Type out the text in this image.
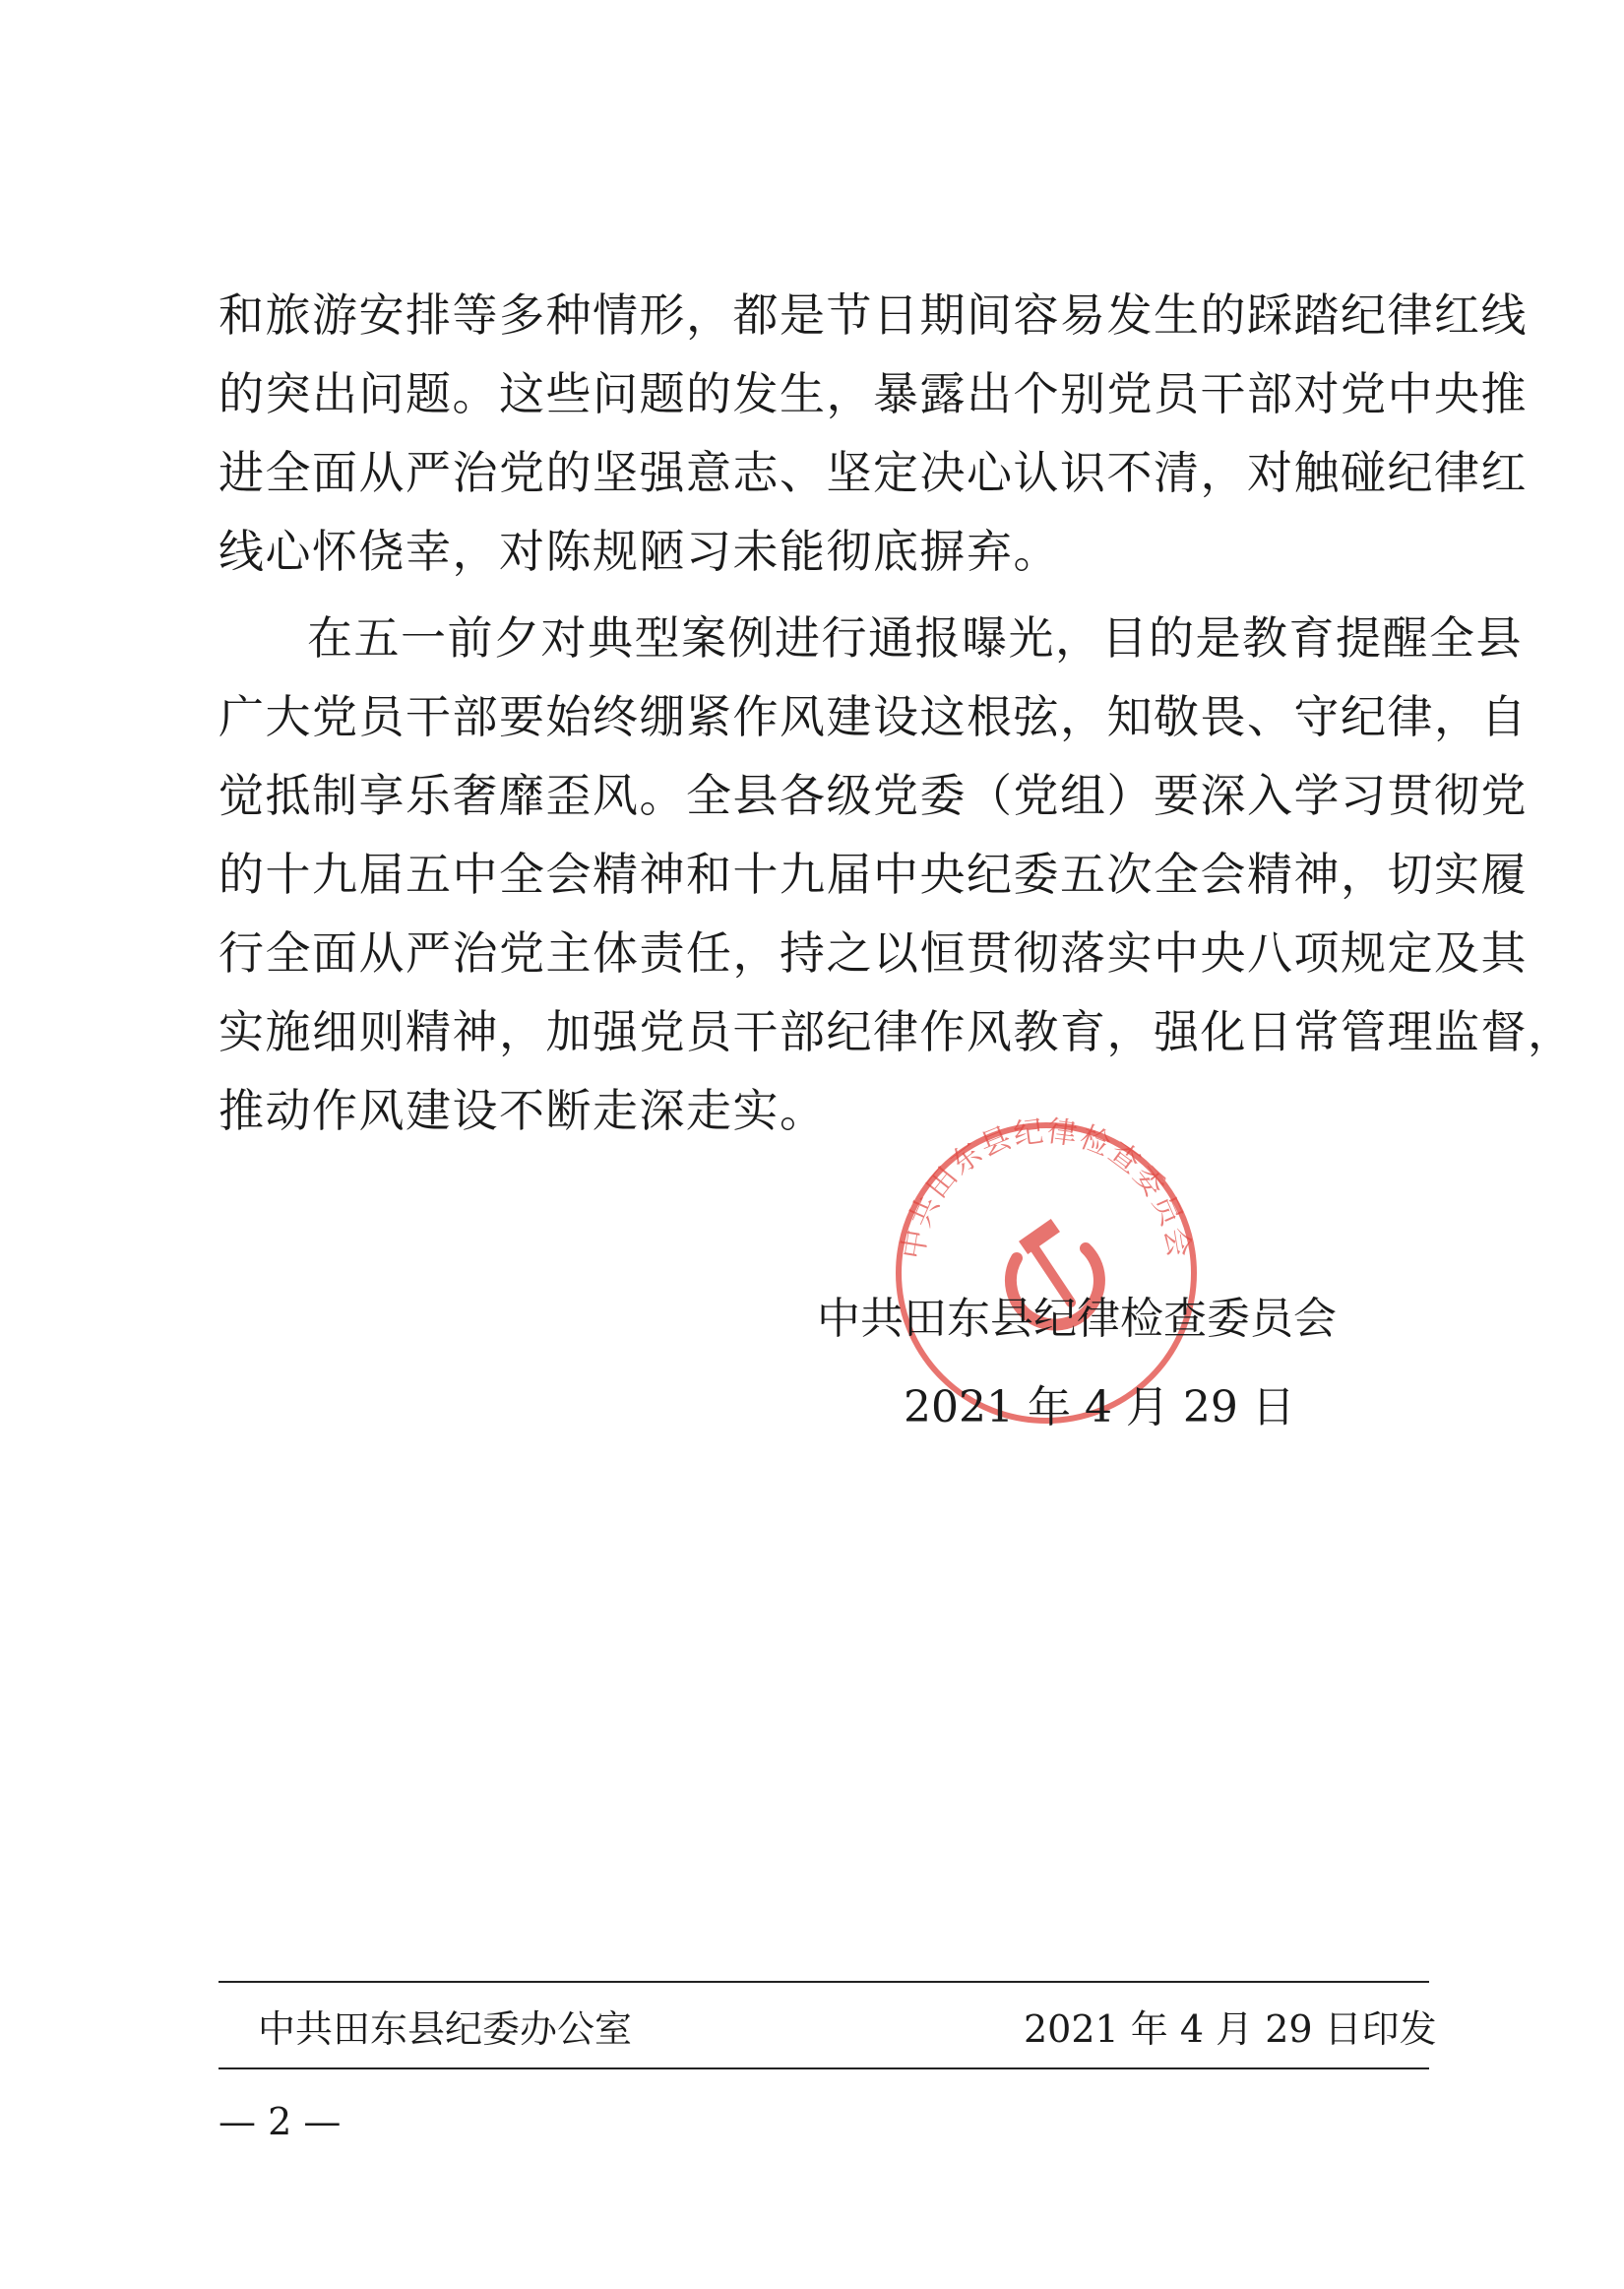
和旅游安排等多种情形，都是节日期间容易发生的踩踏纪律红线
的突出问题。这些问题的发生，暴露出个别党员干部对党中央推
进全面从严治党的坚强意志、坚定决心认识不清，对触碰纪律红
线心怀侥幸，对陈规陋习未能彻底摒弃。
在五一前夕对典型案例进行通报曝光，目的是教育提醒全县
广大党员干部要始终绷紧作风建设这根弦，知敬畏、守纪律，自
觉抵制享乐奢靡歪风。全县各级党委（党组）要深入学习贯彻党
的十九届五中全会精神和十九届中央纪委五次全会精神，切实履
行全面从严治党主体责任，持之以恒贯彻落实中央八项规定及其
实施细则精神，加强党员干部纪律作风教育，强化日常管理监督，
推动作风建设不断走深走实。
中共田东县纪律检查委员会
中共田东县纪律检查委员会
2021 年 4 月 29 日
中共田东县纪委办公室	2021 年 4 月 29 日印发
— 2 —
